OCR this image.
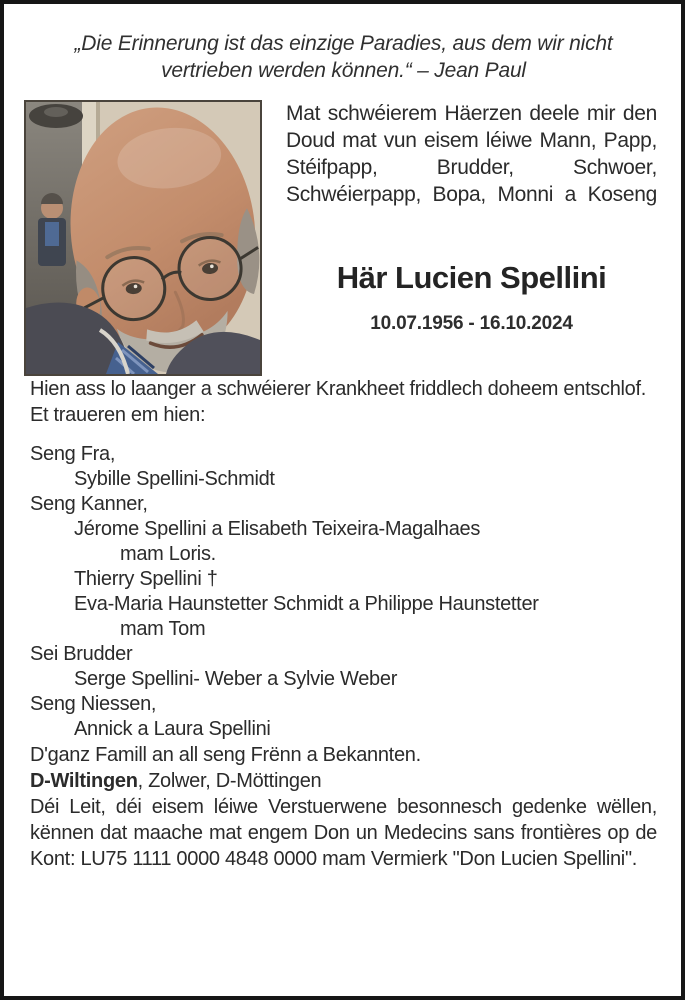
„Die Erinnerung ist das einzige Paradies, aus dem wir nicht vertrieben werden können.“ – Jean Paul

Mat schwéierem Häerzen deele mir den Doud mat vun eisem léiwe Mann, Papp, Stéifpapp, Brudder, Schwoer, Schwéierpapp, Bopa, Monni a Koseng

Här Lucien Spellini
10.07.1956 - 16.10.2024

Hien ass lo laanger a schwéierer Krankheet friddlech doheem entschlof.

Et traueren em hien:

Seng Fra,
Sybille Spellini-Schmidt
Seng Kanner,
Jérome Spellini a Elisabeth Teixeira-Magalhaes
mam Loris.
Thierry Spellini †
Eva-Maria Haunstetter Schmidt a Philippe Haunstetter
mam Tom
Sei Brudder
Serge Spellini- Weber a Sylvie Weber
Seng Niessen,
Annick a Laura Spellini

D'ganz Famill an all seng Frënn a Bekannten.

D-Wiltingen, Zolwer, D-Möttingen

Déi Leit, déi eisem léiwe Verstuerwene besonnesch gedenke wëllen, kënnen dat maache mat engem Don un Medecins sans frontières op de Kont: LU75 1111 0000 4848 0000 mam Vermierk "Don Lucien Spellini".
